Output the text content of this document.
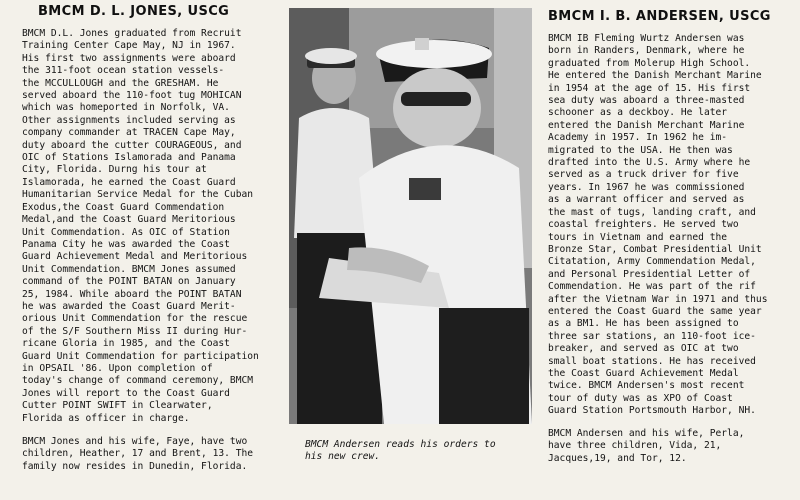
BMCM D. L. JONES, USCG
BMCM D.L. Jones graduated from Recruit
Training Center Cape May, NJ in 1967.
His first two assignments were aboard
the 311-foot ocean station vessels-
the MCCULLOUGH and the GRESHAM. He
served aboard the 110-foot tug MOHICAN
which was homeported in Norfolk, VA.
Other assignments included serving as
company commander at TRACEN Cape May,
duty aboard the cutter COURAGEOUS, and
OIC of Stations Islamorada and Panama
City, Florida. Durng his tour at
Islamorada, he earned the Coast Guard
Humanitarian Service Medal for the Cuban
Exodus,the Coast Guard Commendation
Medal,and the Coast Guard Meritorious
Unit Commendation. As OIC of Station
Panama City he was awarded the Coast
Guard Achievement Medal and Meritorious
Unit Commendation. BMCM Jones assumed
command of the POINT BATAN on January
25, 1984. While aboard the POINT BATAN
he was awarded the Coast Guard Merit-
orious Unit Commendation for the rescue
of the S/F Southern Miss II during Hur-
ricane Gloria in 1985, and the Coast
Guard Unit Commendation for participation
in OPSAIL '86. Upon completion of
today's change of command ceremony, BMCM
Jones will report to the Coast Guard
Cutter POINT SWIFT in Clearwater,
Florida as officer in charge.
BMCM Jones and his wife, Faye, have two
children, Heather, 17 and Brent, 13. The
family now resides in Dunedin, Florida.
BMCM Andersen reads his orders to
his new crew.
BMCM I. B. ANDERSEN, USCG
BMCM IB Fleming Wurtz Andersen was
born in Randers, Denmark, where he
graduated from Molerup High School.
He entered the Danish Merchant Marine
in 1954 at the age of 15. His first
sea duty was aboard a three-masted
schooner as a deckboy. He later
entered the Danish Merchant Marine
Academy in 1957. In 1962 he im-
migrated to the USA. He then was
drafted into the U.S. Army where he
served as a truck driver for five
years. In 1967 he was commissioned
as a warrant officer and served as
the mast of tugs, landing craft, and
coastal freighters. He served two
tours in Vietnam and earned the
Bronze Star, Combat Presidential Unit
Citatation, Army Commendation Medal,
and Personal Presidential Letter of
Commendation. He was part of the rif
after the Vietnam War in 1971 and thus
entered the Coast Guard the same year
as a BM1. He has been assigned to
three sar stations, an 110-foot ice-
breaker, and served as OIC at two
small boat stations. He has received
the Coast Guard Achievement Medal
twice. BMCM Andersen's most recent
tour of duty was as XPO of Coast
Guard Station Portsmouth Harbor, NH.
BMCM Andersen and his wife, Perla,
have three children, Vida, 21,
Jacques,19, and Tor, 12.
